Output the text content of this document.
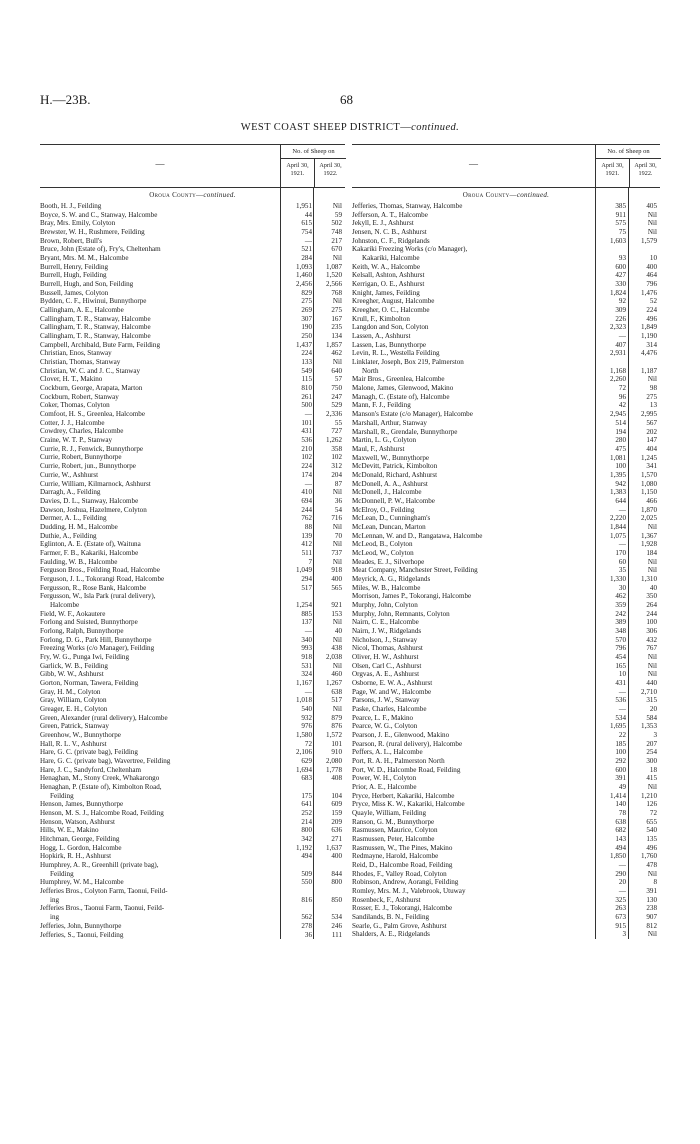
H.—23B.	68
WEST COAST SHEEP DISTRICT—continued.
—
No. of Sheep on
April 30, 1921.
April 30, 1922.
Oroua County—continued.
Booth, H. J., Feilding	1,951	Nil
Boyce, S. W. and C., Stanway, Halcombe	44	59
Bray, Mrs. Emily, Colyton	615	502
Brewster, W. H., Rushmere, Feilding	754	748
Brown, Robert, Bull's	—	217
Bruce, John (Estate of), Fry's, Cheltenham	521	670
Bryant, Mrs. M. M., Halcombe	284	Nil
Burrell, Henry, Feilding	1,093	1,087
Burrell, Hugh, Feilding	1,460	1,520
Burrell, Hugh, and Son, Feilding	2,456	2,566
Bussell, James, Colyton	829	768
Bydden, C. F., Hiwinui, Bunnythorpe	275	Nil
Callingham, A. E., Halcombe	269	275
Callingham, T. R., Stanway, Halcombe	307	167
Callingham, T. R., Stanway, Halcombe	190	235
Callingham, T. R., Stanway, Halcombe	250	134
Campbell, Archibald, Bute Farm, Feilding	1,437	1,857
Christian, Enos, Stanway	224	462
Christian, Thomas, Stanway	133	Nil
Christian, W. C. and J. C., Stanway	549	640
Clover, H. T., Makino	115	57
Cockburn, George, Arapata, Marton	810	750
Cockburn, Robert, Stanway	261	247
Coker, Thomas, Colyton	500	529
Comfoot, H. S., Greenlea, Halcombe	—	2,336
Cotter, J. J., Halcombe	101	55
Cowdrey, Charles, Halcombe	431	727
Craine, W. T. P., Stanway	536	1,262
Currie, R. J., Fenwick, Bunnythorpe	210	358
Currie, Robert, Bunnythorpe	102	102
Currie, Robert, jun., Bunnythorpe	224	312
Currie, W., Ashhurst	174	204
Currie, William, Kilmarnock, Ashhurst	—	87
Darragh, A., Feilding	410	Nil
Davies, D. L., Stanway, Halcombe	694	36
Dawson, Joshua, Hazelmere, Colyton	244	54
Dermer, A. L., Feilding	762	716
Dudding, H. M., Halcombe	88	Nil
Duthie, A., Feilding	139	70
Eglinton, A. E. (Estate of), Waituna	412	Nil
Farmer, F. B., Kakariki, Halcombe	511	737
Faulding, W. B., Halcombe	7	Nil
Ferguson Bros., Feilding Road, Halcombe	1,049	918
Ferguson, J. L., Tokorangi Road, Halcombe	294	400
Fergusson, R., Rose Bank, Halcombe	517	565
Fergusson, W., Isla Park (rural delivery),
Halcombe	1,254	921
Field, W. F., Aokautere	885	153
Forlong and Suisted, Bunnythorpe	137	Nil
Forlong, Ralph, Bunnythorpe	—	40
Forlong, D. G., Park Hill, Bunnythorpe	340	Nil
Freezing Works (c/o Manager), Feilding	993	438
Fry, W. G., Punga Iwi, Feilding	918	2,038
Garlick, W. B., Feilding	531	Nil
Gibb, W. W., Ashhurst	324	460
Gorton, Norman, Tawera, Feilding	1,167	1,267
Gray, H. M., Colyton	—	638
Gray, William, Colyton	1,018	517
Greager, E. H., Colyton	540	Nil
Green, Alexander (rural delivery), Halcombe	932	879
Green, Patrick, Stanway	976	876
Greenhow, W., Bunnythorpe	1,580	1,572
Hall, R. L. V., Ashhurst	72	101
Hare, G. C. (private bag), Feilding	2,106	910
Hare, G. C. (private bag), Wavertree, Feilding	629	2,080
Hare, J. C., Sandyford, Cheltenham	1,694	1,778
Henaghan, M., Stony Creek, Whakarongo	683	408
Henaghan, P. (Estate of), Kimbolton Road,
Feilding	175	104
Henson, James, Bunnythorpe	641	609
Henson, M. S. J., Halcombe Road, Feilding	252	159
Henson, Watson, Ashhurst	214	209
Hills, W. E., Makino	800	636
Hitchman, George, Feilding	342	271
Hogg, L. Gordon, Halcombe	1,192	1,637
Hopkirk, R. H., Ashhurst	494	400
Humphrey, A. R., Greenhill (private bag),
Feilding	509	844
Humphrey, W. M., Halcombe	550	800
Jefferies Bros., Colyton Farm, Taonui, Feild-
ing	816	850
Jefferies Bros., Taonui Farm, Taonui, Feild-
ing	562	534
Jefferies, John, Bunnythorpe	278	246
Jefferies, S., Taonui, Feilding	36	111
—
No. of Sheep on
April 30, 1921.
April 30, 1922.
Oroua County—continued.
Jefferies, Thomas, Stanway, Halcombe	385	405
Jefferson, A. T., Halcombe	911	Nil
Jekyll, E. J., Ashhurst	575	Nil
Jensen, N. C. B., Ashhurst	75	Nil
Johnston, C. F., Ridgelands	1,603	1,579
Kakariki Freezing Works (c/o Manager),
Kakariki, Halcombe	93	10
Keith, W. A., Halcombe	600	400
Kelsall, Ashton, Ashhurst	427	464
Kerrigan, O. E., Ashhurst	330	796
Knight, James, Feilding	1,824	1,476
Kreegher, August, Halcombe	92	52
Kreegher, O. C., Halcombe	309	224
Krull, F., Kimbolton	226	496
Langdon and Son, Colyton	2,323	1,849
Lassen, A., Ashhurst	—	1,190
Lassen, Las, Bunnythorpe	407	314
Levin, R. L., Westella Feilding	2,931	4,476
Linklater, Joseph, Box 219, Palmerston
North	1,168	1,187
Mair Bros., Greenlea, Halcombe	2,260	Nil
Malone, James, Glenwood, Makino	72	98
Managh, C. (Estate of), Halcombe	96	275
Mann, F. J., Feilding	42	13
Manson's Estate (c/o Manager), Halcombe	2,945	2,995
Marshall, Arthur, Stanway	514	567
Marshall, R., Grendale, Bunnythorpe	194	202
Martin, L. G., Colyton	280	147
Maul, F., Ashhurst	475	404
Maxwell, W., Bunnythorpe	1,081	1,245
McDevitt, Patrick, Kimbolton	100	341
McDonald, Richard, Ashhurst	1,395	1,570
McDonell, A. A., Ashhurst	942	1,080
McDonell, J., Halcombe	1,383	1,150
McDonnell, P. W., Halcombe	644	466
McElroy, O., Feilding	—	1,870
McLean, D., Cunningham's	2,220	2,025
McLean, Duncan, Marton	1,844	Nil
McLennan, W. and D., Rangatawa, Halcombe	1,075	1,367
McLeod, B., Colyton	—	1,928
McLeod, W., Colyton	170	184
Meades, E. J., Silverhope	60	Nil
Meat Company, Manchester Street, Feilding	35	Nil
Meyrick, A. G., Ridgelands	1,330	1,310
Miles, W. B., Halcombe	30	40
Morrison, James P., Tokorangi, Halcombe	462	350
Murphy, John, Colyton	359	264
Murphy, John, Remnants, Colyton	242	244
Nairn, C. E., Halcombe	389	100
Nairn, J. W., Ridgelands	348	306
Nicholson, J., Stanway	570	432
Nicol, Thomas, Ashhurst	796	767
Oliver, H. W., Ashhurst	454	Nil
Olsen, Carl C., Ashhurst	165	Nil
Orgvas, A. E., Ashhurst	10	Nil
Osborne, E. W. A., Ashhurst	431	440
Page, W. and W., Halcombe	—	2,710
Parsons, J. W., Stanway	536	315
Paske, Charles, Halcombe	—	20
Pearce, L. F., Makino	534	584
Pearce, W. G., Colyton	1,695	1,353
Pearson, J. E., Glenwood, Makino	22	3
Pearson, R. (rural delivery), Halcombe	185	207
Peffers, A. L., Halcombe	100	254
Port, R. A. H., Palmerston North	292	300
Port, W. D., Halcombe Road, Feilding	600	18
Power, W. H., Colyton	391	415
Prior, A. E., Halcombe	49	Nil
Pryce, Herbert, Kakariki, Halcombe	1,414	1,210
Pryce, Miss K. W., Kakariki, Halcombe	140	126
Quayle, William, Feilding	78	72
Ranson, G. M., Bunnythorpe	638	655
Rasmussen, Maurice, Colyton	682	540
Rasmussen, Peter, Halcombe	143	135
Rasmussen, W., The Pines, Makino	494	496
Redmayne, Harold, Halcombe	1,850	1,760
Reid, D., Halcombe Road, Feilding	—	478
Rhodes, F., Valley Road, Colyton	290	Nil
Robinson, Andrew, Aorangi, Feilding	20	8
Romley, Mrs. M. J., Valebrook, Utuway	—	391
Rosenbeck, F., Ashhurst	325	130
Rosser, E. J., Tokorangi, Halcombe	263	238
Sandilands, B. N., Feilding	673	907
Searle, G., Palm Grove, Ashhurst	915	812
Shalders, A. E., Ridgelands	3	Nil
